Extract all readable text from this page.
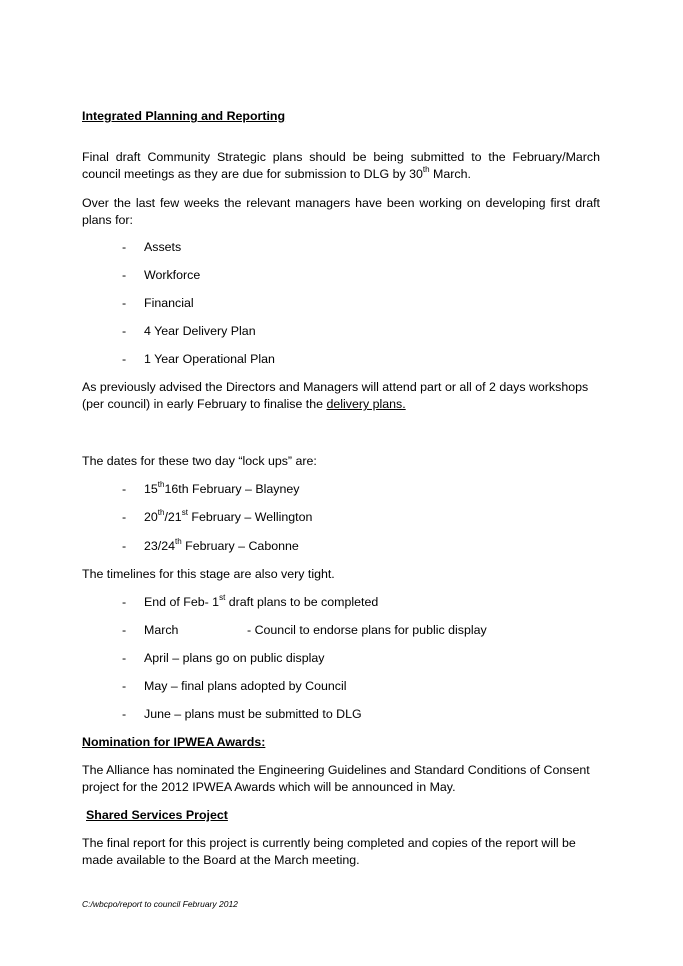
Integrated Planning and Reporting
Final draft Community Strategic plans should be being submitted to the February/March council meetings as they are due for submission to DLG by 30th March.
Over the last few weeks the relevant managers have been working on developing first draft plans for:
- Assets
- Workforce
- Financial
- 4 Year Delivery Plan
- 1 Year Operational Plan
As previously advised the Directors and Managers will attend part or all of 2 days workshops (per council) in early February to finalise the delivery plans.
The dates for these two day “lock ups” are:
- 15th16th February – Blayney
- 20th/21st February – Wellington
- 23/24th February – Cabonne
The timelines for this stage are also very tight.
- End of Feb- 1st draft plans to be completed
- March	- Council to endorse plans for public display
- April – plans go on public display
- May – final plans adopted by Council
- June – plans must be submitted to DLG
Nomination for IPWEA Awards:
The Alliance has nominated the Engineering Guidelines and Standard Conditions of Consent project for the 2012 IPWEA Awards which will be announced in May.
Shared Services Project
The final report for this project is currently being completed and copies of the report will be made available to the Board at the March meeting.
C:/wbcpo/report to council February 2012
